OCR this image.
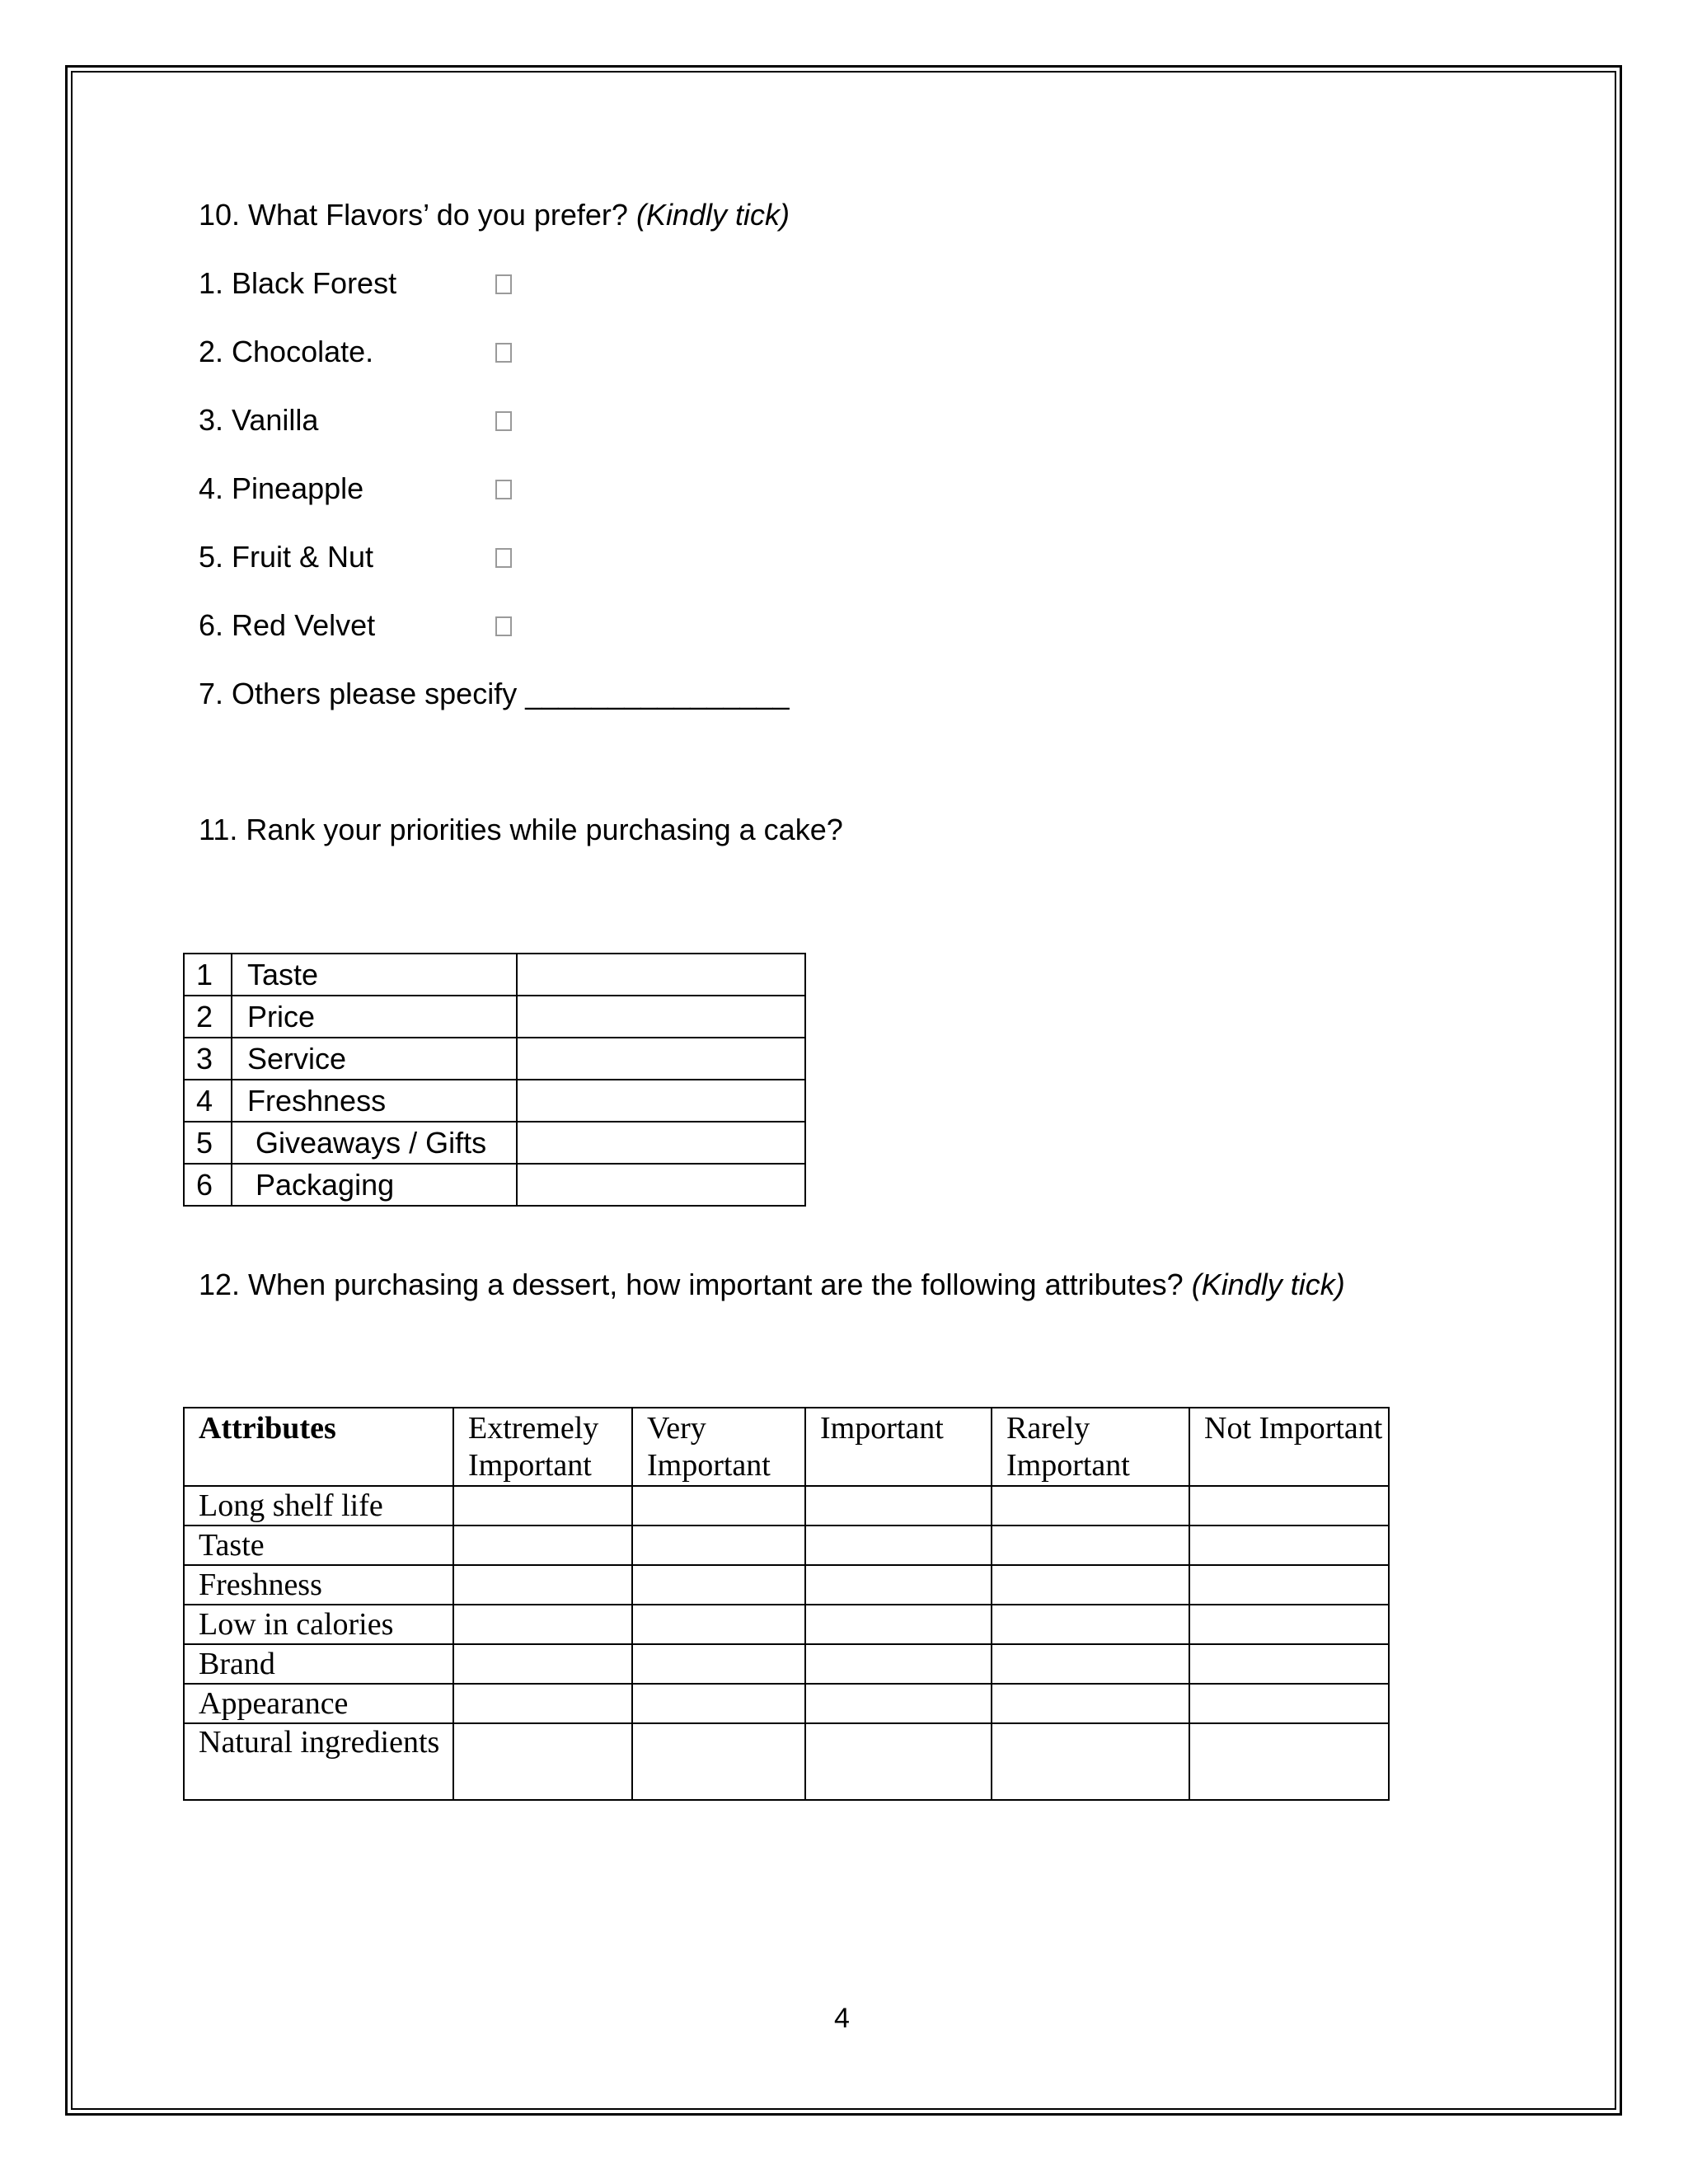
10. What Flavors’ do you prefer? (Kindly tick)
1. Black Forest
2. Chocolate.
3. Vanilla
4. Pineapple
5. Fruit & Nut
6. Red Velvet
7. Others please specify ________________
11. Rank your priorities while purchasing a cake?
1	Taste	
2	Price	
3	Service	
4	Freshness	
5	Giveaways / Gifts	
6	Packaging	
12. When purchasing a dessert, how important are the following attributes? (Kindly tick)
Attributes	Extremely Important	Very Important	Important	Rarely Important	Not Important
Long shelf life					
Taste					
Freshness					
Low in calories					
Brand					
Appearance					
Natural ingredients					
4
